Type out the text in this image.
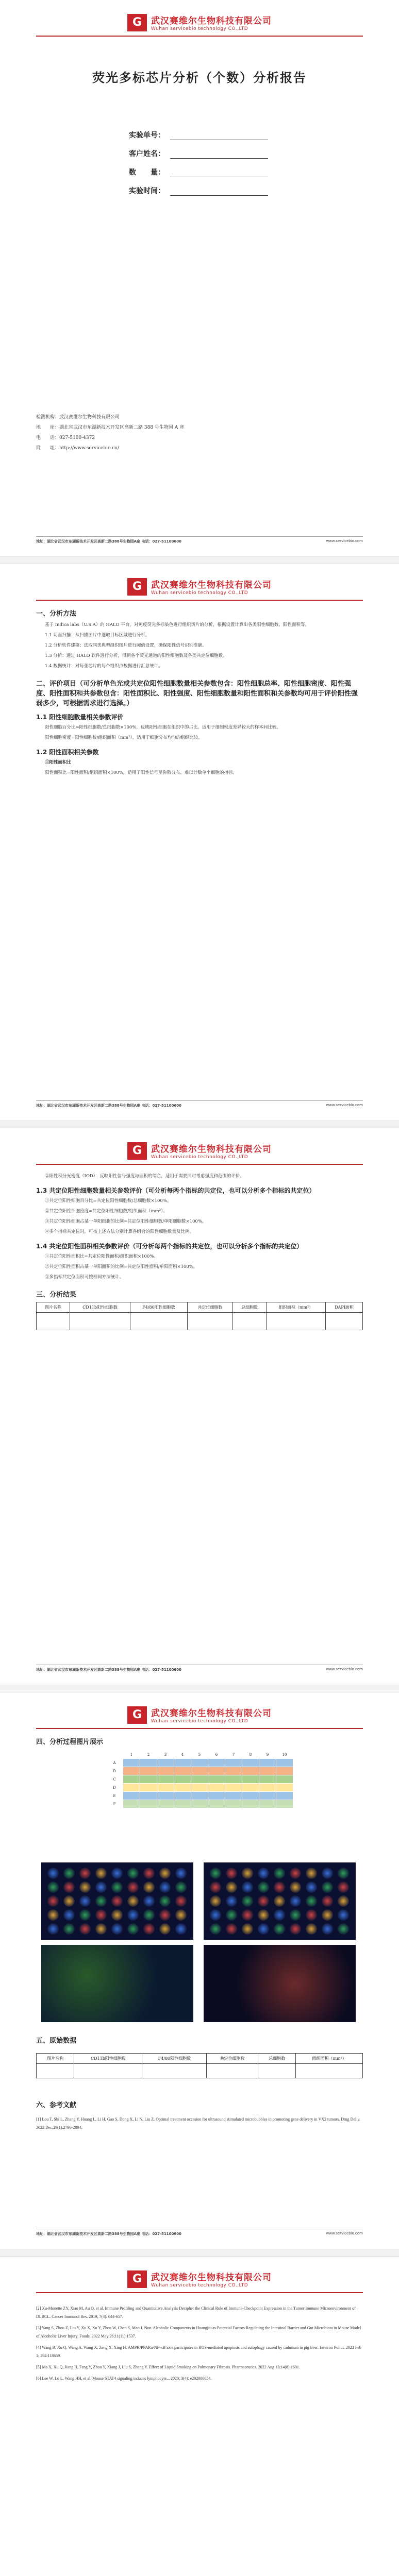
G	武汉赛维尔生物科技有限公司
Wuhan servicebio technology CO.,LTD
荧光多标芯片分析（个数）分析报告
实验单号：
客户姓名：
数　　量：
实验时间：
检测机构：武汉赛维尔生物科技有限公司
地　　址：湖北省武汉市东湖新技术开发区高新二路 388 号生物园 A 座
电　　话：027-5100-4372
网　　址：http://www.servicebio.cn/
地址：湖北省武汉市东湖新技术开发区高新二路388号生物园A座 电话：027-51100600	www.servicebio.com
G	武汉赛维尔生物科技有限公司
Wuhan servicebio technology CO.,LTD
一、分析方法

基于 Indica labs（U.S.A）的 HALO 平台，对免疫荧光多标染色进行组织切片的分析，根据设置计算出各类阳性细胞数、阳性面积等。

1.1 切面扫描：从扫描图片中选取目标区域进行分析。

1.2 分析软件建模：选取同类典型组织图片进行阈值设置，确保阳性信号识别准确。

1.3 分析：通过 HALO 软件进行分析，得到各个荧光通道的阳性细胞数及各类共定位细胞数。

1.4 数据统计：对每张芯片的每个组织点数据进行汇总统计。

二、评价项目（可分析单色光或共定位阳性细胞数量相关参数包含：阳性细胞总率、阳性细胞密度、阳性强度、阳性面积和共参数包含：阳性面积比、阳性强度、阳性细胞数量和阳性面积和关参数均可用于评价阳性强弱多少，可根据需求进行选择。）
1.1 阳性细胞数量相关参数评价

阳性细胞百分比=阳性细胞数/总细胞数×100%，反映阳性细胞在组织中的占比。适用于细胞密度差异较大的样本间比较。

阳性细胞密度=阳性细胞数/组织面积（mm²），适用于细胞分布均匀的组织比较。

1.2 阳性面积相关参数

①阳性面积比

阳性面积比=阳性面积/组织面积×100%，适用于阳性信号呈弥散分布、难以计数单个细胞的指标。

地址：湖北省武汉市东湖新技术开发区高新二路388号生物园A座 电话：027-51100600	www.servicebio.com
G	武汉赛维尔生物科技有限公司
Wuhan servicebio technology CO.,LTD

②阳性积分光密度（IOD）：反映阳性信号强度与面积的综合，适用于需要同时考虑强度和范围的评价。

1.3 共定位阳性细胞数量相关参数评价（可分析每两个指标的共定位，也可以分析多个指标的共定位）

①共定位阳性细胞百分比=共定位阳性细胞数/总细胞数×100%。

②共定位阳性细胞密度=共定位阳性细胞数/组织面积（mm²）。

③共定位阳性细胞占某一单阳细胞的比例=共定位阳性细胞数/单阳细胞数×100%。

④多个指标共定位时，可按上述方法分别计算各组合的阳性细胞数量及比例。

1.4 共定位阳性面积相关参数评价（可分析每两个指标的共定位，也可以分析多个指标的共定位）

①共定位阳性面积比=共定位阳性面积/组织面积×100%。

②共定位阳性面积占某一单阳面积的比例=共定位阳性面积/单阳面积×100%。

③多指标共定位面积可按相同方法统计。

三、分析结果
图片名称	CD11b阳性细胞数	F4/80阳性细胞数	共定位细胞数	总细胞数	组织面积（mm²）	DAPI面积

地址：湖北省武汉市东湖新技术开发区高新二路388号生物园A座 电话：027-51100600	www.servicebio.com
G	武汉赛维尔生物科技有限公司
Wuhan servicebio technology CO.,LTD
四、分析过程图片展示
	1	2	3	4	5	6	7	8	9	10
A										
B										
C										
D										
E										
F										
五、原始数据
图片名称	CD11b阳性细胞数	F4/80阳性细胞数	共定位细胞数	总细胞数	组织面积（mm²）

六、参考文献
[1] Lou T, Shi L, Zhang Y, Huang L, Li H, Gao S, Dong X, Li N, Liu Z. Optimal treatment occasion for ultrasound stimulated microbubbles in promoting gene delivery in VX2 tumors. Drug Deliv. 2022 Dec;29(1):2796-2804.
地址：湖北省武汉市东湖新技术开发区高新二路388号生物园A座 电话：027-51100600	www.servicebio.com
G	武汉赛维尔生物科技有限公司
Wuhan servicebio technology CO.,LTD
[2] Xu-Monette ZY, Xiao M, Au Q, et al. Immune Profiling and Quantitative Analysis Decipher the Clinical Role of Immune-Checkpoint Expression in the Tumor Immune Microenvironment of DLBCL. Cancer Immunol Res. 2019; 7(4): 644-657.
[3] Yang S, Zhou Z, Liu Y, Xu X, Xu Y, Zhou W, Chen S, Mao J. Non-Alcoholic Components in Huangjiu as Potential Factors Regulating the Intestinal Barrier and Gut Microbiota in Mouse Model of Alcoholic Liver Injury. Foods. 2022 May 26;11(11):1537.
[4] Wang B, Xu Q, Wang A, Wang X, Zeng X, Xing H. AMPK/PPARα/NF-κB axis participates in ROS-mediated apoptosis and autophagy caused by cadmium in pig liver. Environ Pollut. 2022 Feb 1; 294:118659.
[5] Ma X, Xu Q, Jiang H, Feng Y, Zhou Y, Xiang J, Liu S, Zhang Y. Effect of Liquid Smoking on Pulmonary Fibrosis. Pharmaceutics. 2022 Aug 13;14(8):1691.
[6] Lee W, Lo L, Wang HH, et al. Mouse STAT4 signaling induces lymphocyte... 2020; 3(4): e202000654.
